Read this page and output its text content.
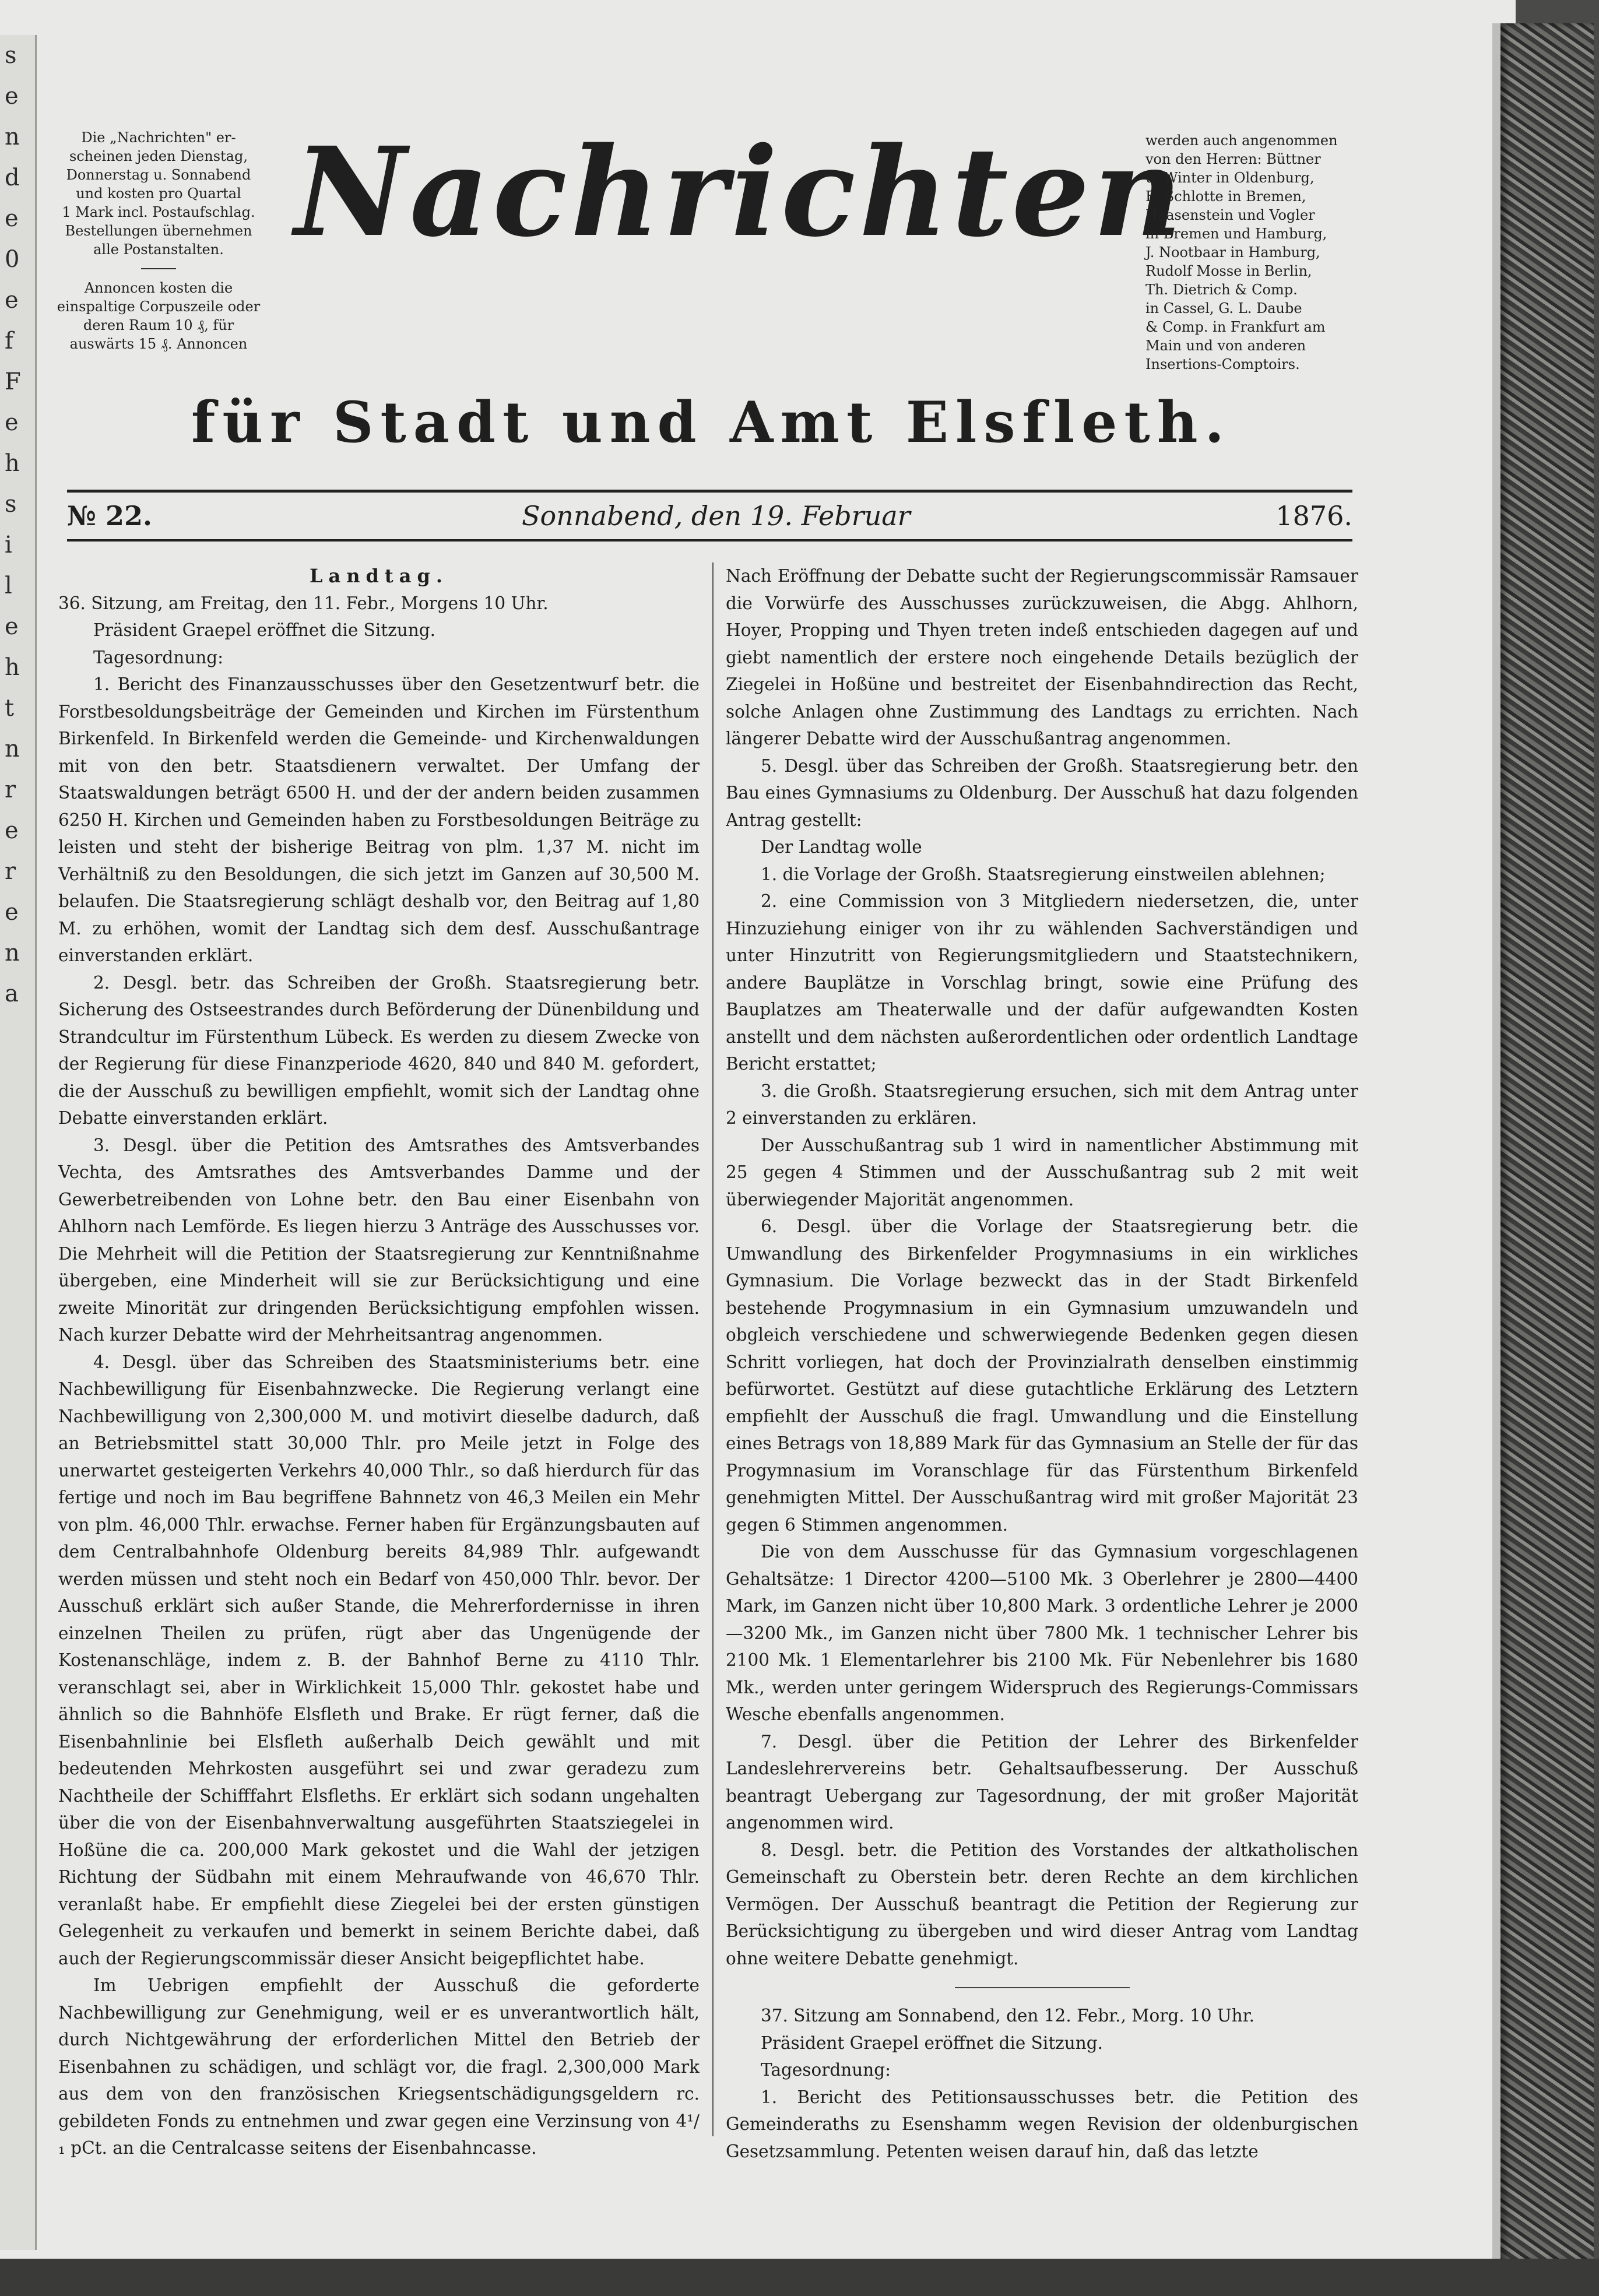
s
e
n
d
e
0
e
f
F
e
h
s
i
l
e
h
t
n
r
e
r
e
n
a

Die „Nachrichten" er-

scheinen jeden Dienstag,

Donnerstag u. Sonnabend

und kosten pro Quartal

1 Mark incl. Postaufschlag.

Bestellungen übernehmen

alle Postanstalten.

Annoncen kosten die

einspaltige Corpuszeile oder

deren Raum 10 ₰, für

auswärts 15 ₰. Annoncen

Nachrichten
für Stadt und Amt Elsfleth.

werden auch angenommen

von den Herren: Büttner

u. Winter in Oldenburg,

E. Schlotte in Bremen,

Haasenstein und Vogler

in Bremen und Hamburg,

J. Nootbaar in Hamburg,

Rudolf Mosse in Berlin,

Th. Dietrich & Comp.

in Cassel, G. L. Daube

& Comp. in Frankfurt am

Main und von anderen

Insertions-Comptoirs.

№ 22.	Sonnabend, den 19. Februar	1876.

Landtag.

36. Sitzung, am Freitag, den 11. Febr., Morgens 10 Uhr.

Präsident Graepel eröffnet die Sitzung.

Tagesordnung:

1. Bericht des Finanzausschusses über den Gesetzentwurf betr. die Forstbesoldungsbeiträge der Gemeinden und Kirchen im Fürstenthum Birkenfeld. In Birkenfeld werden die Gemeinde- und Kirchenwaldungen mit von den betr. Staatsdienern verwaltet. Der Umfang der Staatswaldungen beträgt 6500 H. und der der andern beiden zusammen 6250 H. Kirchen und Gemeinden haben zu Forstbesoldungen Beiträge zu leisten und steht der bisherige Beitrag von plm. 1,37 M. nicht im Verhältniß zu den Besoldungen, die sich jetzt im Ganzen auf 30,500 M. belaufen. Die Staatsregierung schlägt deshalb vor, den Beitrag auf 1,80 M. zu erhöhen, womit der Landtag sich dem desf. Ausschußantrage einverstanden erklärt.

2. Desgl. betr. das Schreiben der Großh. Staatsregierung betr. Sicherung des Ostseestrandes durch Beförderung der Dünenbildung und Strandcultur im Fürstenthum Lübeck. Es werden zu diesem Zwecke von der Regierung für diese Finanzperiode 4620, 840 und 840 M. gefordert, die der Ausschuß zu bewilligen empfiehlt, womit sich der Landtag ohne Debatte einverstanden erklärt.

3. Desgl. über die Petition des Amtsrathes des Amtsverbandes Vechta, des Amtsrathes des Amtsverbandes Damme und der Gewerbetreibenden von Lohne betr. den Bau einer Eisenbahn von Ahlhorn nach Lemförde. Es liegen hierzu 3 Anträge des Ausschusses vor. Die Mehrheit will die Petition der Staatsregierung zur Kenntnißnahme übergeben, eine Minderheit will sie zur Berücksichtigung und eine zweite Minorität zur dringenden Berücksichtigung empfohlen wissen. Nach kurzer Debatte wird der Mehrheitsantrag angenommen.

4. Desgl. über das Schreiben des Staatsministeriums betr. eine Nachbewilligung für Eisenbahnzwecke. Die Regierung verlangt eine Nachbewilligung von 2,300,000 M. und motivirt dieselbe dadurch, daß an Betriebsmittel statt 30,000 Thlr. pro Meile jetzt in Folge des unerwartet gesteigerten Verkehrs 40,000 Thlr., so daß hierdurch für das fertige und noch im Bau begriffene Bahnnetz von 46,3 Meilen ein Mehr von plm. 46,000 Thlr. erwachse. Ferner haben für Ergänzungsbauten auf dem Centralbahnhofe Oldenburg bereits 84,989 Thlr. aufgewandt werden müssen und steht noch ein Bedarf von 450,000 Thlr. bevor. Der Ausschuß erklärt sich außer Stande, die Mehrerfordernisse in ihren einzelnen Theilen zu prüfen, rügt aber das Ungenügende der Kostenanschläge, indem z. B. der Bahnhof Berne zu 4110 Thlr. veranschlagt sei, aber in Wirklichkeit 15,000 Thlr. gekostet habe und ähnlich so die Bahnhöfe Elsfleth und Brake. Er rügt ferner, daß die Eisenbahnlinie bei Elsfleth außerhalb Deich gewählt und mit bedeutenden Mehrkosten ausgeführt sei und zwar geradezu zum Nachtheile der Schifffahrt Elsfleths. Er erklärt sich sodann ungehalten über die von der Eisenbahnverwaltung ausgeführten Staatsziegelei in Hoßüne die ca. 200,000 Mark gekostet und die Wahl der jetzigen Richtung der Südbahn mit einem Mehraufwande von 46,670 Thlr. veranlaßt habe. Er empfiehlt diese Ziegelei bei der ersten günstigen Gelegenheit zu verkaufen und bemerkt in seinem Berichte dabei, daß auch der Regierungscommissär dieser Ansicht beigepflichtet habe.

Im Uebrigen empfiehlt der Ausschuß die geforderte Nachbewilligung zur Genehmigung, weil er es unverantwortlich hält, durch Nichtgewährung der erforderlichen Mittel den Betrieb der Eisenbahnen zu schädigen, und schlägt vor, die fragl. 2,300,000 Mark aus dem von den französischen Kriegsentschädigungsgeldern rc. gebildeten Fonds zu entnehmen und zwar gegen eine Verzinsung von 4¹/₁ pCt. an die Centralcasse seitens der Eisenbahncasse.

Nach Eröffnung der Debatte sucht der Regierungscommissär Ramsauer die Vorwürfe des Ausschusses zurückzuweisen, die Abgg. Ahlhorn, Hoyer, Propping und Thyen treten indeß entschieden dagegen auf und giebt namentlich der erstere noch eingehende Details bezüglich der Ziegelei in Hoßüne und bestreitet der Eisenbahndirection das Recht, solche Anlagen ohne Zustimmung des Landtags zu errichten. Nach längerer Debatte wird der Ausschußantrag angenommen.

5. Desgl. über das Schreiben der Großh. Staatsregierung betr. den Bau eines Gymnasiums zu Oldenburg. Der Ausschuß hat dazu folgenden Antrag gestellt:

Der Landtag wolle

1. die Vorlage der Großh. Staatsregierung einstweilen ablehnen;

2. eine Commission von 3 Mitgliedern niedersetzen, die, unter Hinzuziehung einiger von ihr zu wählenden Sachverständigen und unter Hinzutritt von Regierungsmitgliedern und Staatstechnikern, andere Bauplätze in Vorschlag bringt, sowie eine Prüfung des Bauplatzes am Theaterwalle und der dafür aufgewandten Kosten anstellt und dem nächsten außerordentlichen oder ordentlich Landtage Bericht erstattet;

3. die Großh. Staatsregierung ersuchen, sich mit dem Antrag unter 2 einverstanden zu erklären.

Der Ausschußantrag sub 1 wird in namentlicher Abstimmung mit 25 gegen 4 Stimmen und der Ausschußantrag sub 2 mit weit überwiegender Majorität angenommen.

6. Desgl. über die Vorlage der Staatsregierung betr. die Umwandlung des Birkenfelder Progymnasiums in ein wirkliches Gymnasium. Die Vorlage bezweckt das in der Stadt Birkenfeld bestehende Progymnasium in ein Gymnasium umzuwandeln und obgleich verschiedene und schwerwiegende Bedenken gegen diesen Schritt vorliegen, hat doch der Provinzialrath denselben einstimmig befürwortet. Gestützt auf diese gutachtliche Erklärung des Letztern empfiehlt der Ausschuß die fragl. Umwandlung und die Einstellung eines Betrags von 18,889 Mark für das Gymnasium an Stelle der für das Progymnasium im Voranschlage für das Fürstenthum Birkenfeld genehmigten Mittel. Der Ausschußantrag wird mit großer Majorität 23 gegen 6 Stimmen angenommen.

Die von dem Ausschusse für das Gymnasium vorgeschlagenen Gehaltsätze: 1 Director 4200—5100 Mk. 3 Oberlehrer je 2800—4400 Mark, im Ganzen nicht über 10,800 Mark. 3 ordentliche Lehrer je 2000—3200 Mk., im Ganzen nicht über 7800 Mk. 1 technischer Lehrer bis 2100 Mk. 1 Elementarlehrer bis 2100 Mk. Für Nebenlehrer bis 1680 Mk., werden unter geringem Widerspruch des Regierungs-Commissars Wesche ebenfalls angenommen.

7. Desgl. über die Petition der Lehrer des Birkenfelder Landeslehrervereins betr. Gehaltsaufbesserung. Der Ausschuß beantragt Uebergang zur Tagesordnung, der mit großer Majorität angenommen wird.

8. Desgl. betr. die Petition des Vorstandes der altkatholischen Gemeinschaft zu Oberstein betr. deren Rechte an dem kirchlichen Vermögen. Der Ausschuß beantragt die Petition der Regierung zur Berücksichtigung zu übergeben und wird dieser Antrag vom Landtag ohne weitere Debatte genehmigt.

37. Sitzung am Sonnabend, den 12. Febr., Morg. 10 Uhr.

Präsident Graepel eröffnet die Sitzung.

Tagesordnung:

1. Bericht des Petitionsausschusses betr. die Petition des Gemeinderaths zu Esenshamm wegen Revision der oldenburgischen Gesetzsammlung. Petenten weisen darauf hin, daß das letzte
